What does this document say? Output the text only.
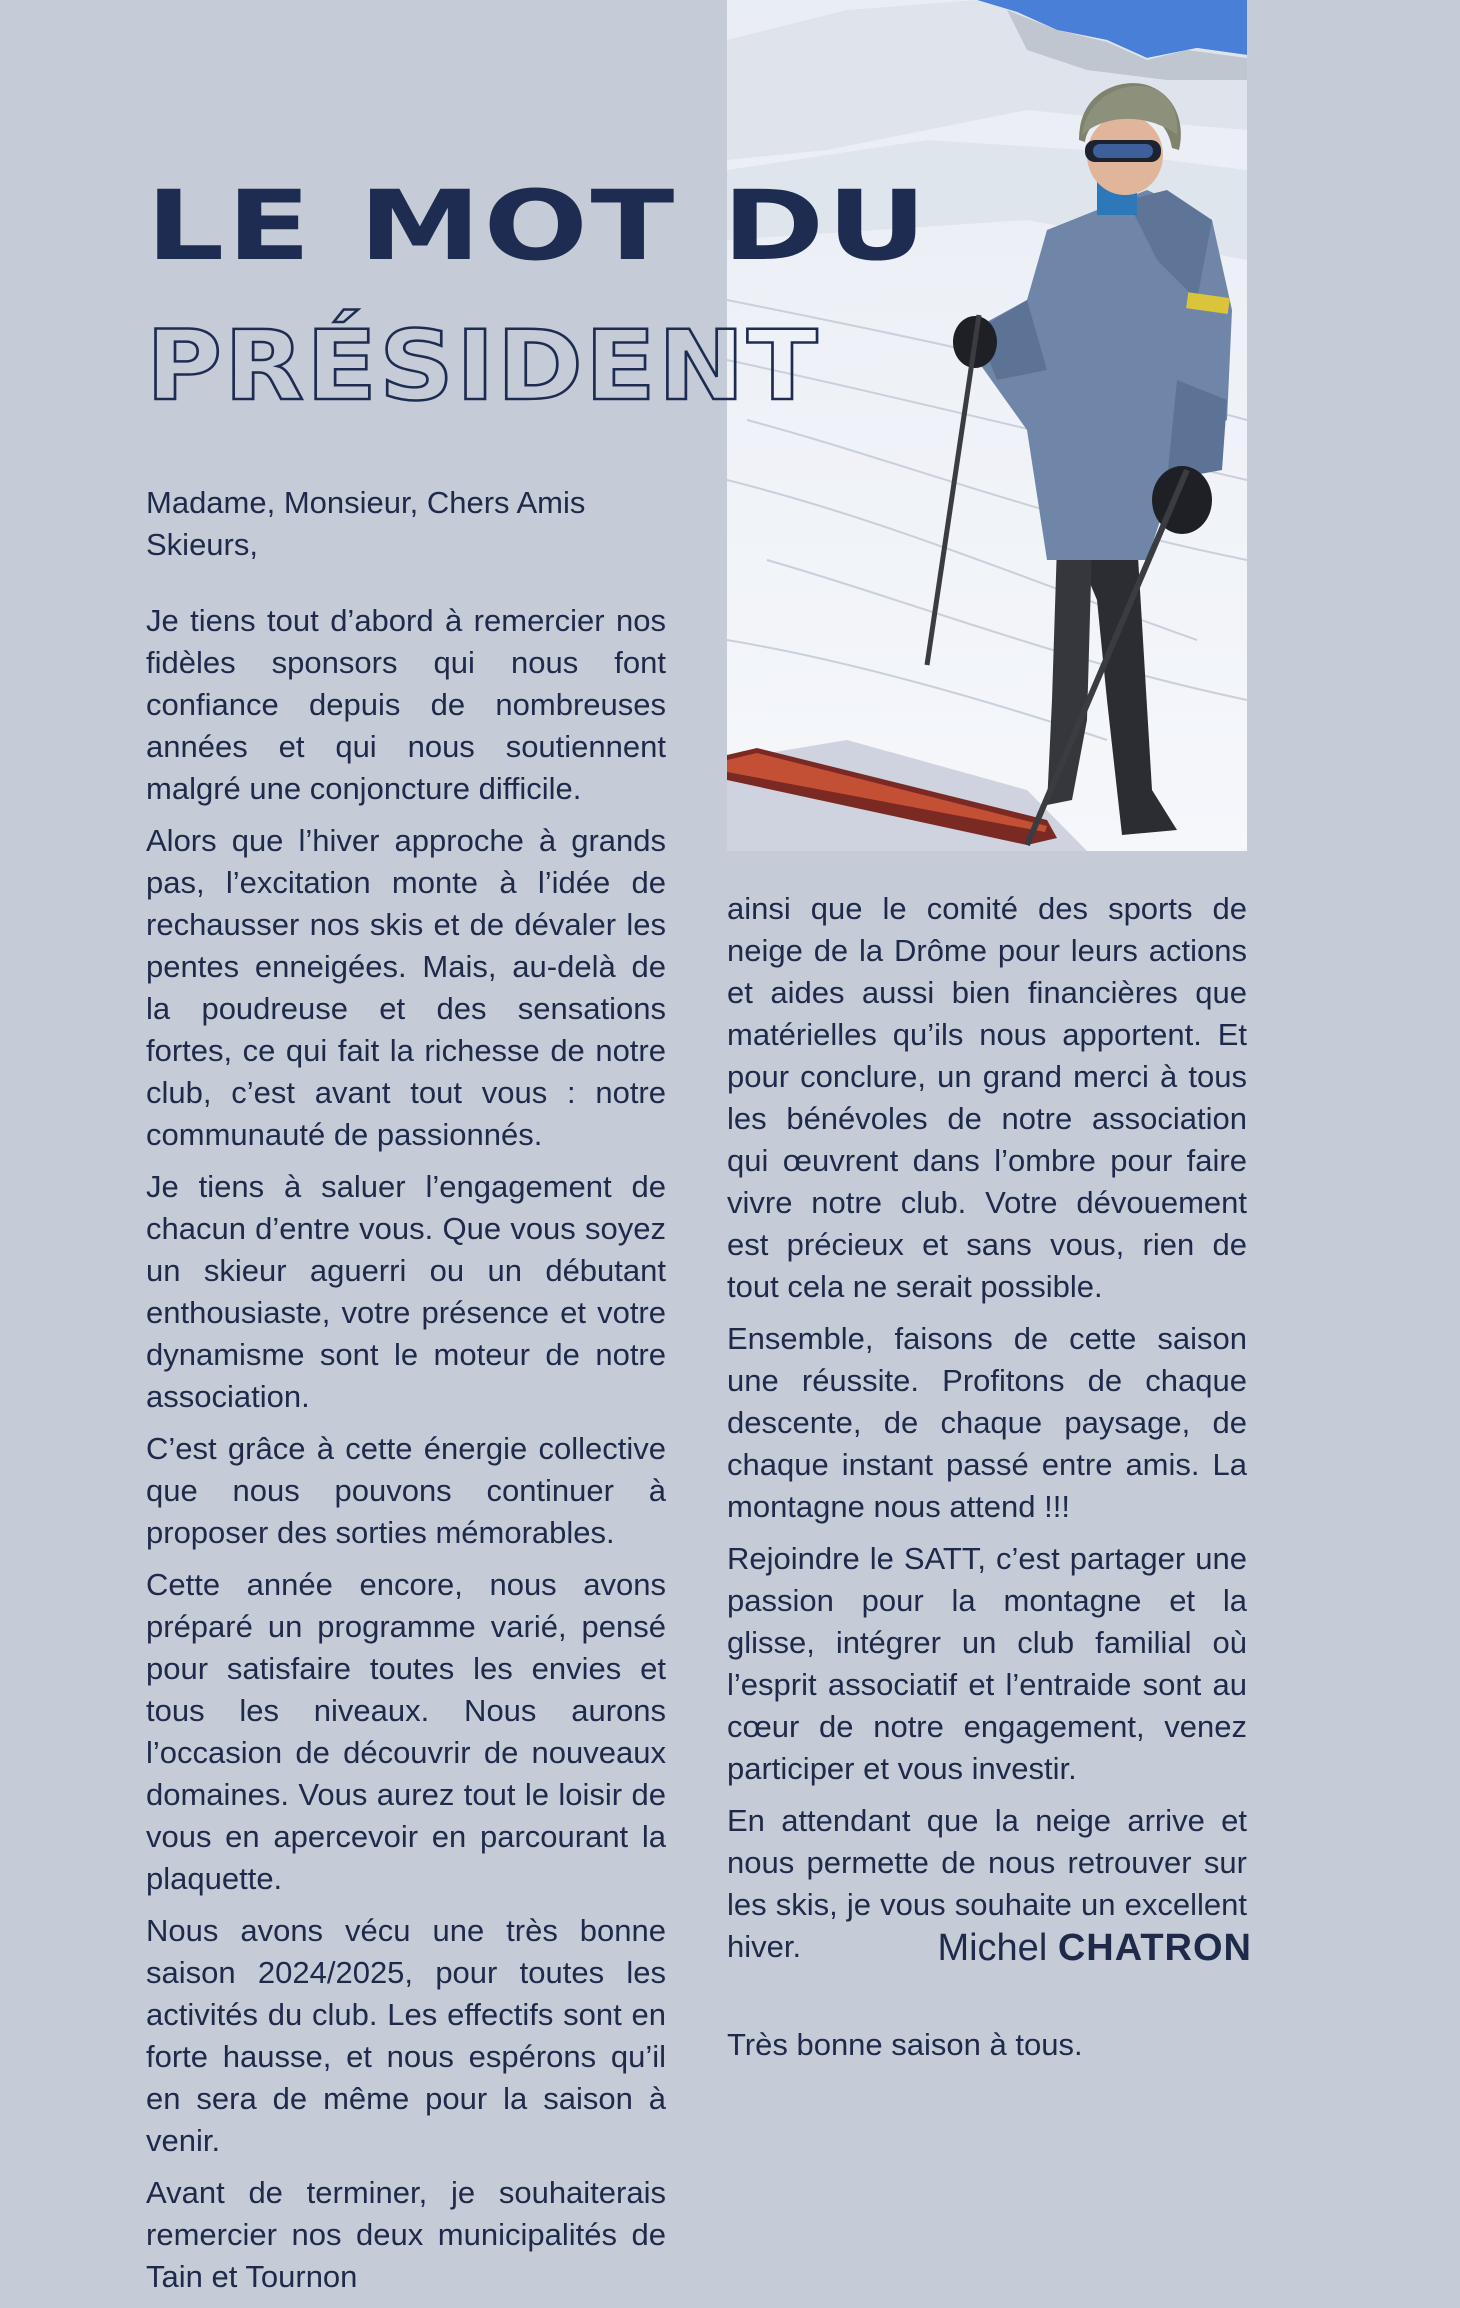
LE MOT DU
PRÉSIDENT

Madame, Monsieur, Chers Amis Skieurs,

Je tiens tout d’abord à remercier nos fidèles sponsors qui nous font confiance depuis de nombreuses années et qui nous soutiennent malgré une conjoncture difficile.

Alors que l’hiver approche à grands pas, l’excitation monte à l’idée de rechausser nos skis et de dévaler les pentes enneigées. Mais, au-delà de la poudreuse et des sensations fortes, ce qui fait la richesse de notre club, c’est avant tout vous : notre communauté de passionnés.

Je tiens à saluer l’engagement de chacun d’entre vous. Que vous soyez un skieur aguerri ou un débutant enthousiaste, votre présence et votre dynamisme sont le moteur de notre association.

C’est grâce à cette énergie collective que nous pouvons continuer à proposer des sorties mémorables.

Cette année encore, nous avons préparé un programme varié, pensé pour satisfaire toutes les envies et tous les niveaux. Nous aurons l’occasion de découvrir de nouveaux domaines. Vous aurez tout le loisir de vous en apercevoir en parcourant la plaquette.

Nous avons vécu une très bonne saison 2024/2025, pour toutes les activités du club. Les effectifs sont en forte hausse, et nous espérons qu’il en sera de même pour la saison à venir.

Avant de terminer, je souhaiterais remercier nos deux municipalités de Tain et Tournon

ainsi que le comité des sports de neige de la Drôme pour leurs actions et aides aussi bien financières que matérielles qu’ils nous apportent. Et pour conclure, un grand merci à tous les bénévoles de notre association qui œuvrent dans l’ombre pour faire vivre notre club. Votre dévouement est précieux et sans vous, rien de tout cela ne serait possible.

Ensemble, faisons de cette saison une réussite. Profitons de chaque descente, de chaque paysage, de chaque instant passé entre amis. La montagne nous attend !!!

Rejoindre le SATT, c’est partager une passion pour la montagne et la glisse, intégrer un club familial où l’esprit associatif et l’entraide sont au cœur de notre engagement, venez participer et vous investir.

En attendant que la neige arrive et nous permette de nous retrouver sur les skis, je vous souhaite un excellent hiver.

Très bonne saison à tous.

Michel CHATRON
